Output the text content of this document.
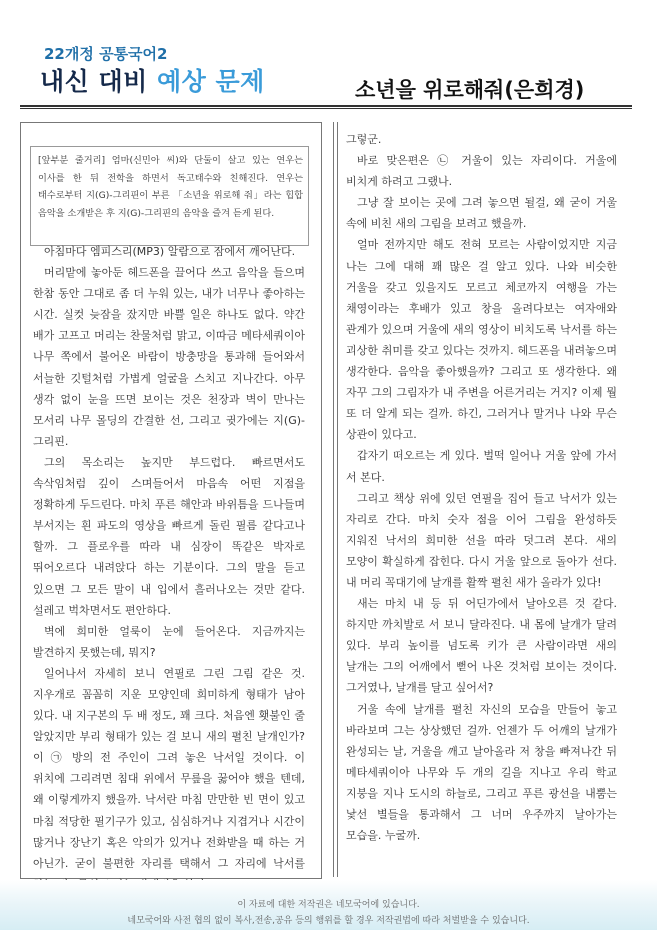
22개정 공통국어2
내신 대비 예상 문제	소년을 위로해줘(은희경)
[앞부분 줄거리] 엄마(신민아 씨)와 단둘이 살고 있는 연우는 이사를 한 뒤 전학을 하면서 독고태수와 친해진다. 연우는 태수로부터 지(G)-그리핀이 부른 「소년을 위로해 줘」라는 힙합 음악을 소개받은 후 지(G)-그리핀의 음악을 즐겨 듣게 된다.

아침마다 엠피스리(MP3) 알람으로 잠에서 깨어난다.

머리맡에 놓아둔 헤드폰을 끌어다 쓰고 음악을 들으며 한참 동안 그대로 좀 더 누워 있는, 내가 너무나 좋아하는 시간. 실컷 늦잠을 잤지만 바쁠 일은 하나도 없다. 약간 배가 고프고 머리는 찬물처럼 맑고, 이따금 메타세쿼이아 나무 쪽에서 불어온 바람이 방충망을 통과해 들어와서 서늘한 깃털처럼 가볍게 얼굴을 스치고 지나간다. 아무 생각 없이 눈을 뜨면 보이는 것은 천장과 벽이 만나는 모서리 나무 몰딩의 간결한 선, 그리고 귓가에는 지(G)-그리핀.

그의 목소리는 높지만 부드럽다. 빠르면서도 속삭임처럼 깊이 스며들어서 마음속 어떤 지점을 정확하게 두드린다. 마치 푸른 해안과 바위틈을 드나들며 부서지는 흰 파도의 영상을 빠르게 돌린 필름 같다고나 할까. 그 플로우를 따라 내 심장이 똑같은 박자로 뛰어오르다 내려앉다 하는 기분이다. 그의 말을 듣고 있으면 그 모든 말이 내 입에서 흘러나오는 것만 같다. 설레고 벅차면서도 편안하다.

벽에 희미한 얼룩이 눈에 들어온다. 지금까지는 발견하지 못했는데, 뭐지?

일어나서 자세히 보니 연필로 그린 그림 같은 것. 지우개로 꼼꼼히 지운 모양인데 희미하게 형태가 남아 있다. 내 지구본의 두 배 정도, 꽤 크다. 처음엔 횃불인 줄 알았지만 부리 형태가 있는 걸 보니 새의 펼친 날개인가? 이 ㉠ 방의 전 주인이 그려 놓은 낙서일 것이다. 이 위치에 그리려면 침대 위에서 무릎을 꿇어야 했을 텐데, 왜 이렇게까지 했을까. 낙서란 마침 만만한 빈 면이 있고 마침 적당한 필기구가 있고, 심심하거나 지겹거나 시간이 많거나 장난기 혹은 악의가 있거나 전화받을 때 하는 거 아닌가. 굳이 불편한 자리를 택해서 그 자리에 낙서를

그렇군.

바로 맞은편은 ㉡ 거울이 있는 자리이다. 거울에 비치게 하려고 그랬나.

그냥 잘 보이는 곳에 그려 놓으면 될걸, 왜 굳이 거울 속에 비친 새의 그림을 보려고 했을까.

얼마 전까지만 해도 전혀 모르는 사람이었지만 지금 나는 그에 대해 꽤 많은 걸 알고 있다. 나와 비슷한 거울을 갖고 있을지도 모르고 체코까지 여행을 가는 채영이라는 후배가 있고 창을 올려다보는 여자애와 관계가 있으며 거울에 새의 영상이 비치도록 낙서를 하는 괴상한 취미를 갖고 있다는 것까지. 헤드폰을 내려놓으며 생각한다. 음악을 좋아했을까? 그리고 또 생각한다. 왜 자꾸 그의 그림자가 내 주변을 어른거리는 거지? 이제 뭘 또 더 알게 되는 걸까. 하긴, 그러거나 말거나 나와 무슨 상관이 있다고.

갑자기 떠오르는 게 있다. 벌떡 일어나 거울 앞에 가서 서 본다.

그리고 책상 위에 있던 연필을 집어 들고 낙서가 있는 자리로 간다. 마치 숫자 점을 이어 그림을 완성하듯 지워진 낙서의 희미한 선을 따라 덧그려 본다. 새의 모양이 확실하게 잡힌다. 다시 거울 앞으로 돌아가 선다. 내 머리 꼭대기에 날개를 활짝 펼친 새가 올라가 있다!

새는 마치 내 등 뒤 어딘가에서 날아오른 것 같다. 하지만 까치발로 서 보니 달라진다. 내 몸에 날개가 달려 있다. 부리 높이를 넘도록 키가 큰 사람이라면 새의 날개는 그의 어깨에서 뻗어 나온 것처럼 보이는 것이다. 그거였나, 날개를 달고 싶어서?

거울 속에 날개를 펼친 자신의 모습을 만들어 놓고 바라보며 그는 상상했던 걸까. 언젠가 두 어깨의 날개가 완성되는 날, 거울을 깨고 날아올라 저 창을 빠져나간 뒤 메타세쿼이아 나무와 두 개의 길을 지나고 우리 학교 지붕을 지나 도시의 하늘로, 그리고 푸른 광선을 내뿜는 낯선 별들을 통과해서 그 너머 우주까지 날아가는 모습을. 누굴까.

이 자료에 대한 저작권은 네모국어에 있습니다.
네모국어와 사전 협의 없이 복사,전송,공유 등의 행위를 할 경우 저작권법에 따라 처벌받을 수 있습니다.
